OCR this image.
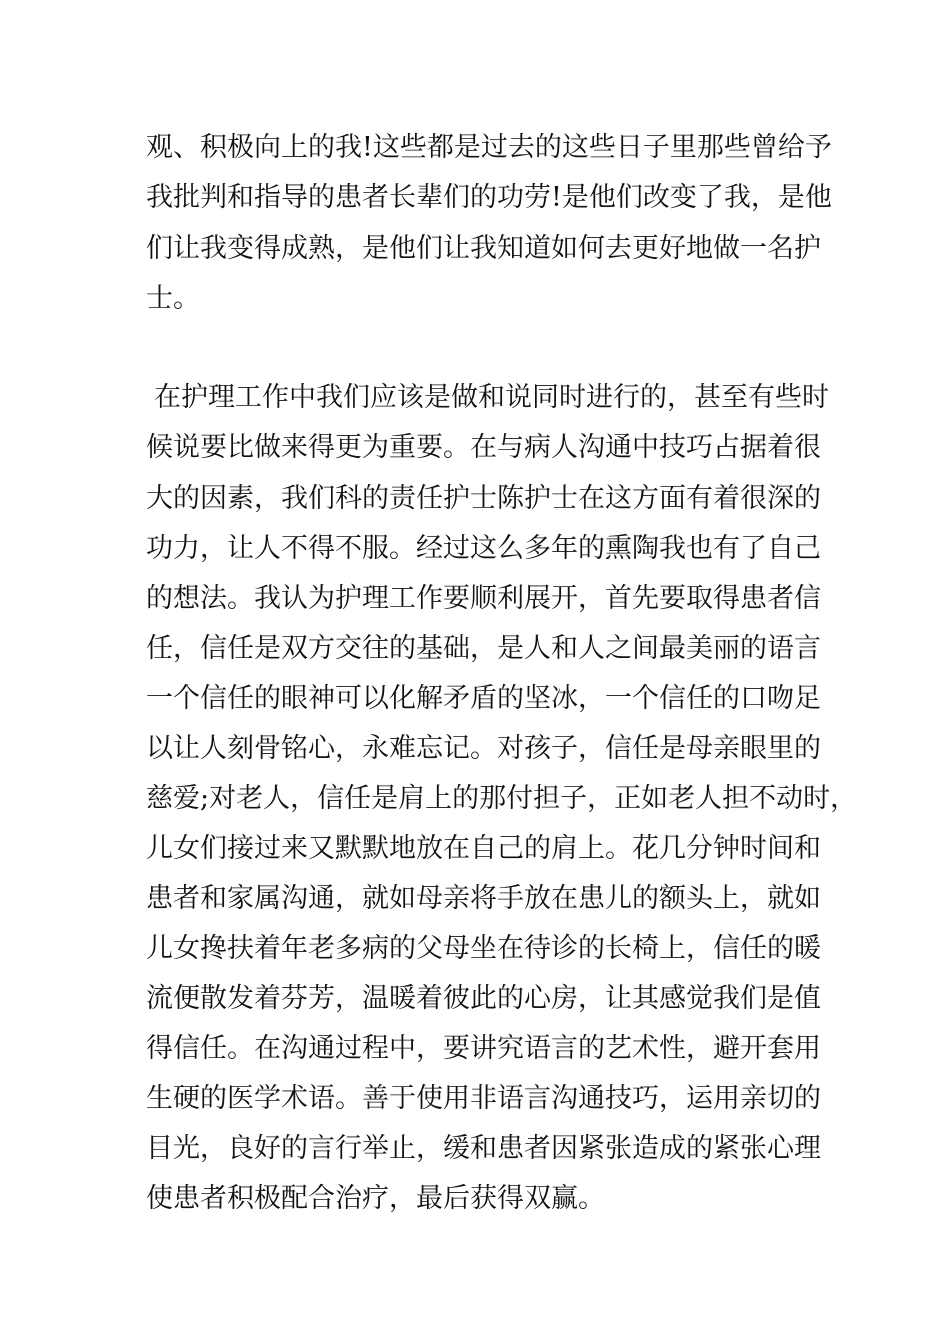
观、积极向上的我!这些都是过去的这些日子里那些曾给予
我批判和指导的患者长辈们的功劳!是他们改变了我，是他
们让我变得成熟，是他们让我知道如何去更好地做一名护
士。
在护理工作中我们应该是做和说同时进行的，甚至有些时
候说要比做来得更为重要。在与病人沟通中技巧占据着很
大的因素，我们科的责任护士陈护士在这方面有着很深的
功力，让人不得不服。经过这么多年的熏陶我也有了自己
的想法。我认为护理工作要顺利展开，首先要取得患者信
任，信任是双方交往的基础，是人和人之间最美丽的语言
一个信任的眼神可以化解矛盾的坚冰，一个信任的口吻足
以让人刻骨铭心，永难忘记。对孩子，信任是母亲眼里的
慈爱;对老人，信任是肩上的那付担子，正如老人担不动时，
儿女们接过来又默默地放在自己的肩上。花几分钟时间和
患者和家属沟通，就如母亲将手放在患儿的额头上，就如
儿女搀扶着年老多病的父母坐在待诊的长椅上，信任的暖
流便散发着芬芳，温暖着彼此的心房，让其感觉我们是值
得信任。在沟通过程中，要讲究语言的艺术性，避开套用
生硬的医学术语。善于使用非语言沟通技巧，运用亲切的
目光，良好的言行举止，缓和患者因紧张造成的紧张心理
使患者积极配合治疗，最后获得双赢。
